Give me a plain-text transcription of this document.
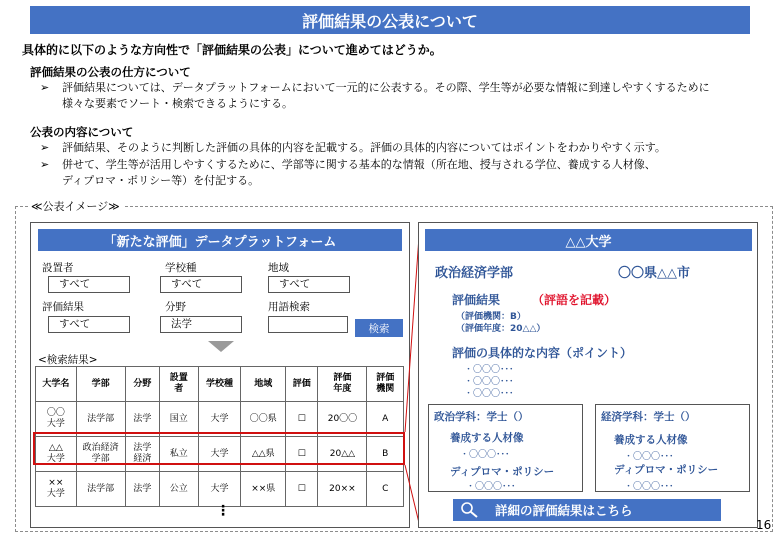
評価結果の公表について
具体的に以下のような方向性で「評価結果の公表」について進めてはどうか。
評価結果の公表の仕方について
➢	評価結果については、データプラットフォームにおいて一元的に公表する。その際、学生等が必要な情報に到達しやすくするために
様々な要素でソート・検索できるようにする。
公表の内容について
➢	評価結果、そのように判断した評価の具体的内容を記載する。評価の具体的内容についてはポイントをわかりやすく示す。
➢	併せて、学生等が活用しやすくするために、学部等に関する基本的な情報（所在地、授与される学位、養成する人材像、
ディプロマ・ポリシー等）を付記する。
≪公表イメージ≫
「新たな評価」データプラットフォーム
設置者
すべて
学校種
すべて
地域
すべて
評価結果
すべて
分野
法学
用語検索
検索
<検索結果>
大学名	学部	分野	設置者	学校種	地域	評価	評価年度	評価機関
〇〇大学	法学部	法学	国立	大学	〇〇県	☐	20〇〇	A
△△大学	政治経済学部	法学経済	私立	大学	△△県	☐	20△△	B
××大学	法学部	法学	公立	大学	××県	☐	20××	C
⋮
△△大学
政治経済学部	〇〇県△△市
評価結果	（評語を記載）
（評価機関：B）
（評価年度：20△△）
評価の具体的な内容（ポイント）
・〇〇〇･･･
・〇〇〇･･･
・〇〇〇･･･
政治学科：学士（）
養成する人材像
・〇〇〇･･･
ディプロマ・ポリシー
・〇〇〇･･･
経済学科：学士（）
養成する人材像
・〇〇〇･･･
ディプロマ・ポリシー
・〇〇〇･･･
詳細の評価結果はこちら
16
